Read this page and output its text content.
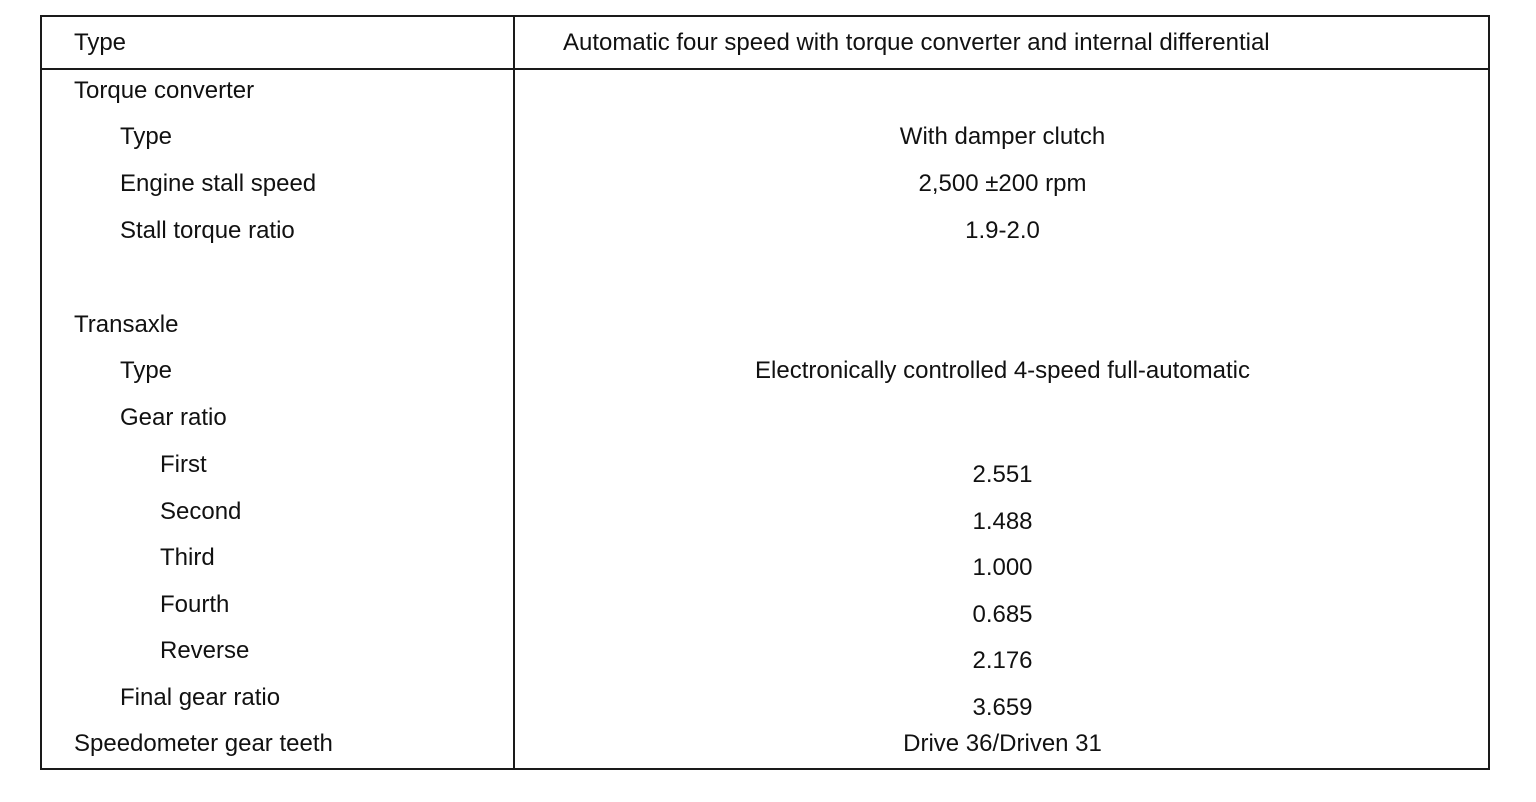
Type	Automatic four speed with torque converter and internal differential
Torque converter
Type	With damper clutch
Engine stall speed	2,500 ±200 rpm
Stall torque ratio	1.9-2.0
Transaxle
Type	Electronically controlled 4-speed full-automatic
Gear ratio
First	2.551
Second	1.488
Third	1.000
Fourth	0.685
Reverse	2.176
Final gear ratio	3.659
Speedometer gear teeth	Drive 36/Driven 31
